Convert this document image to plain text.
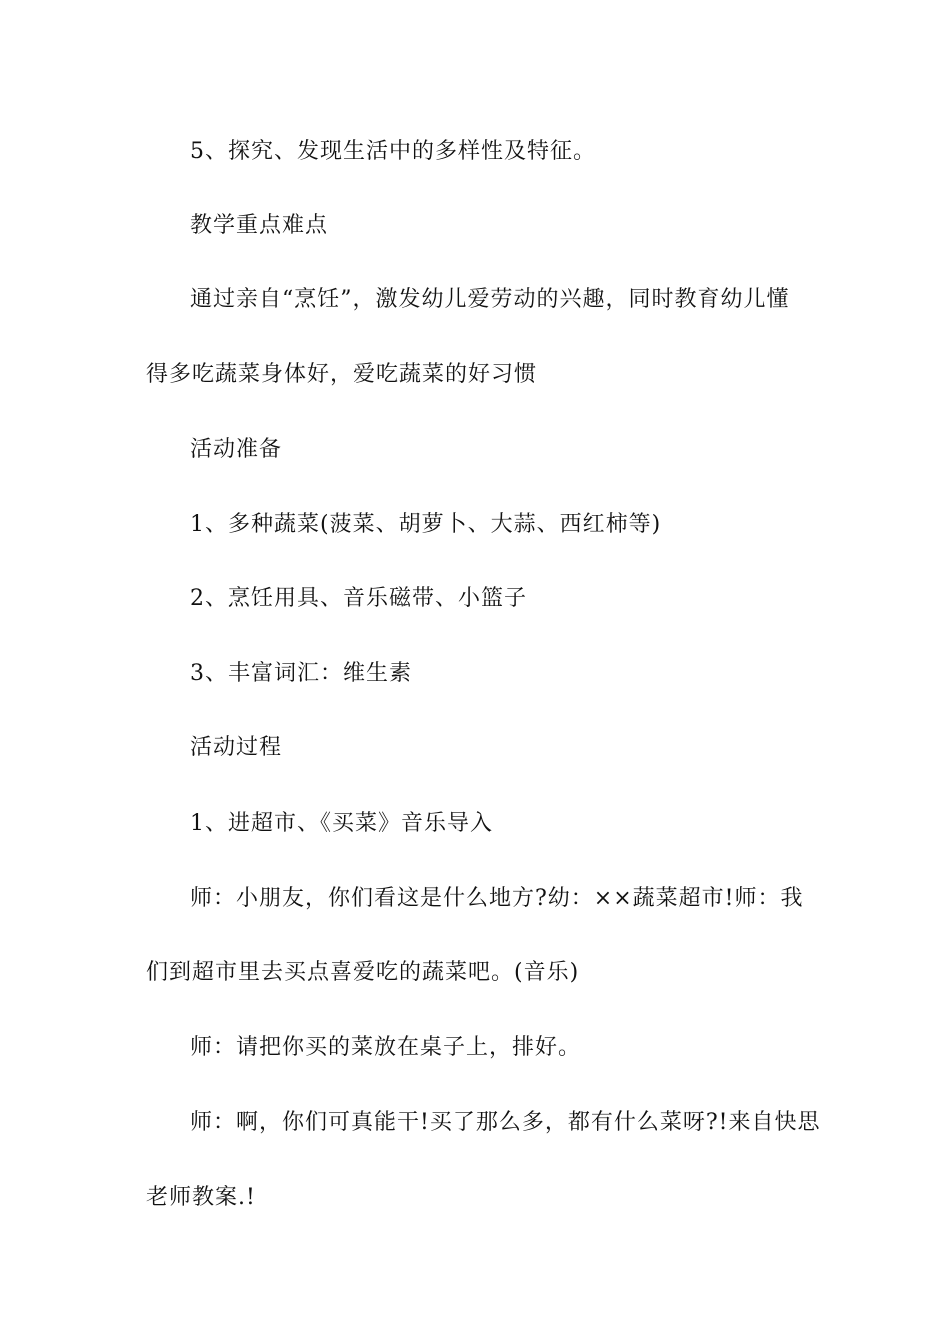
5、探究、发现生活中的多样性及特征。

教学重点难点

通过亲自“烹饪”，激发幼儿爱劳动的兴趣，同时教育幼儿懂

得多吃蔬菜身体好，爱吃蔬菜的好习惯

活动准备

1、多种蔬菜(菠菜、胡萝卜、大蒜、西红柿等)

2、烹饪用具、音乐磁带、小篮子

3、丰富词汇：维生素

活动过程

1、进超市、《买菜》音乐导入

师：小朋友，你们看这是什么地方?幼：××蔬菜超市!师：我

们到超市里去买点喜爱吃的蔬菜吧。(音乐)

师：请把你买的菜放在桌子上，排好。

师：啊，你们可真能干!买了那么多，都有什么菜呀?!来自快思

老师教案.!
